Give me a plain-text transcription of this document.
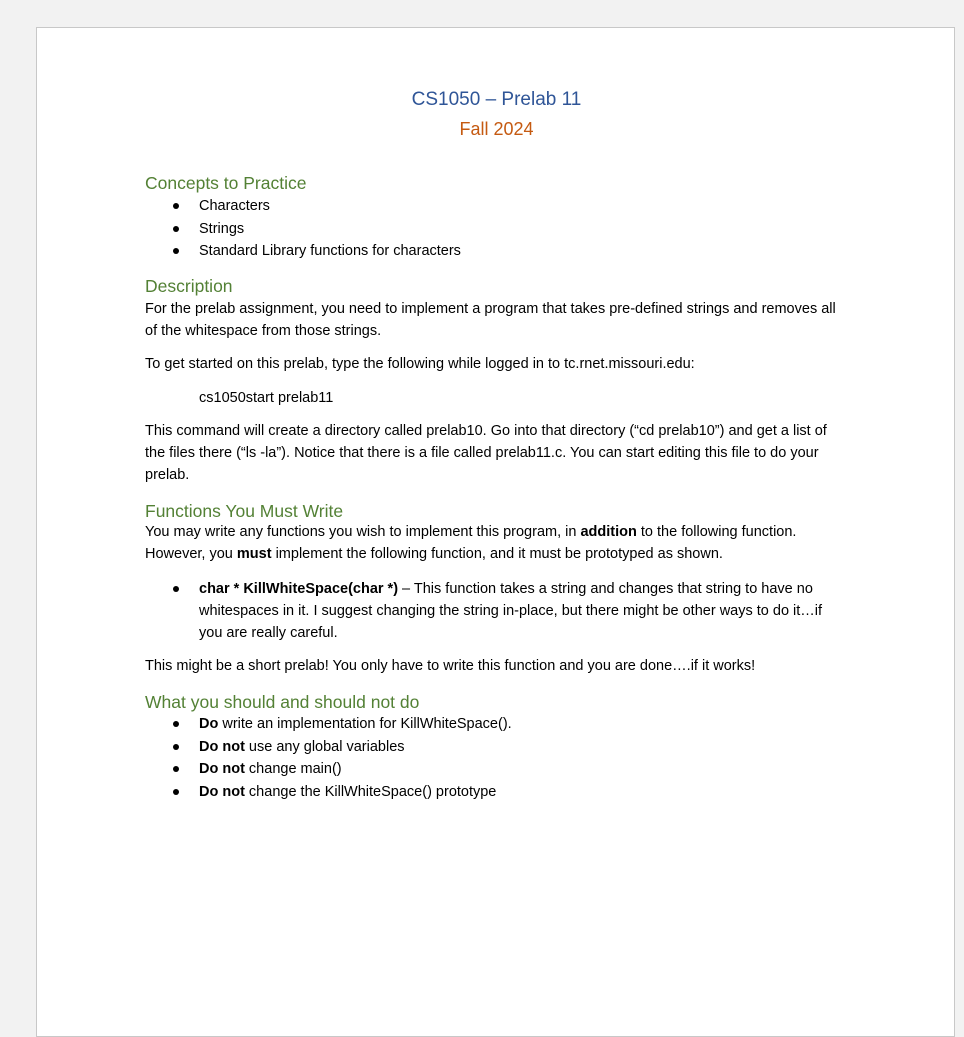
CS1050 – Prelab 11
Fall 2024
Concepts to Practice
Characters
Strings
Standard Library functions for characters
Description
For the prelab assignment, you need to implement a program that takes pre-defined strings and removes all of the whitespace from those strings.
To get started on this prelab, type the following while logged in to tc.rnet.missouri.edu:
cs1050start prelab11
This command will create a directory called prelab10. Go into that directory (“cd prelab10”) and get a list of the files there (“ls -la”). Notice that there is a file called prelab11.c. You can start editing this file to do your prelab.
Functions You Must Write
You may write any functions you wish to implement this program, in addition to the following function. However, you must implement the following function, and it must be prototyped as shown.
char * KillWhiteSpace(char *) – This function takes a string and changes that string to have no whitespaces in it. I suggest changing the string in-place, but there might be other ways to do it…if you are really careful.
This might be a short prelab! You only have to write this function and you are done….if it works!
What you should and should not do
Do write an implementation for KillWhiteSpace().
Do not use any global variables
Do not change main()
Do not change the KillWhiteSpace() prototype
